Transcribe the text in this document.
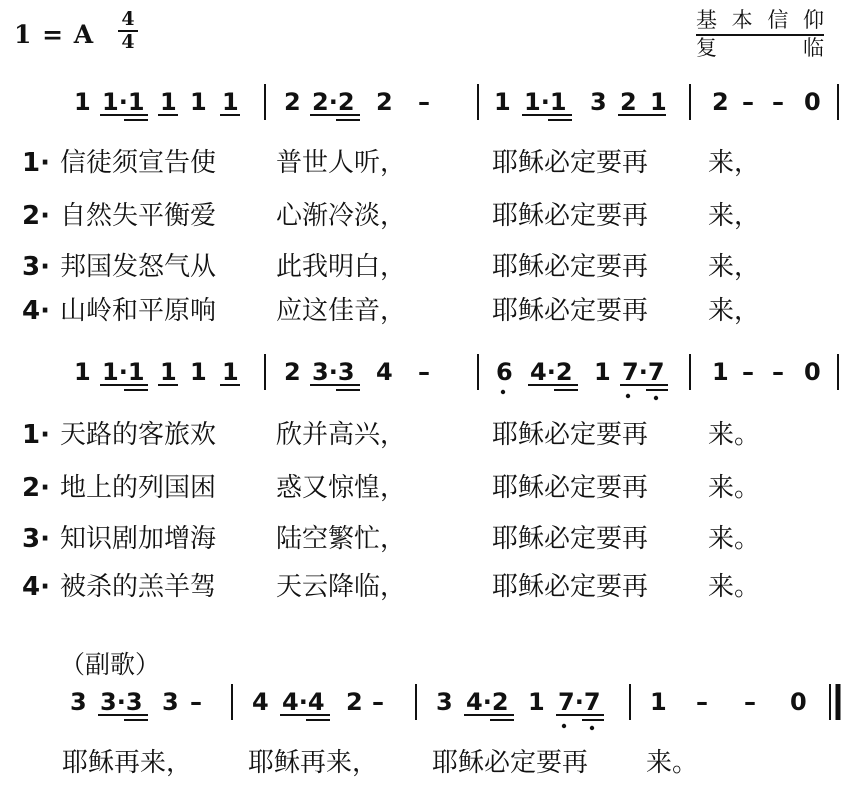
1 = A
4
4
基 本 信 仰
复	临
1 1·1 1 1 1 2 2·2 2 –	1 1·1 3 2 1 2 – – 0
1· 信徒须宣告使 普世人听，	耶稣必定要再 来，
2· 自然失平衡爱 心渐冷淡，	耶稣必定要再 来，
3· 邦国发怒气从 此我明白，	耶稣必定要再 来，
4· 山岭和平原响 应这佳音，	耶稣必定要再 来，
1 1·1 1 1 1 2 3·3 4 –	6 4·2 1 7·7 1 – – 0
1· 天路的客旅欢 欣并高兴，	耶稣必定要再 来。
2· 地上的列国困 惑又惊惶，	耶稣必定要再 来。
3· 知识剧加增海 陆空繁忙，	耶稣必定要再 来。
4· 被杀的羔羊驾 天云降临，	耶稣必定要再 来。
（副歌）
3 3·3 3 – 4 4·4 2 – 3 4·2 1 7·7 1 – – 0
耶稣再来， 耶稣再来， 耶稣必定要再 来。
